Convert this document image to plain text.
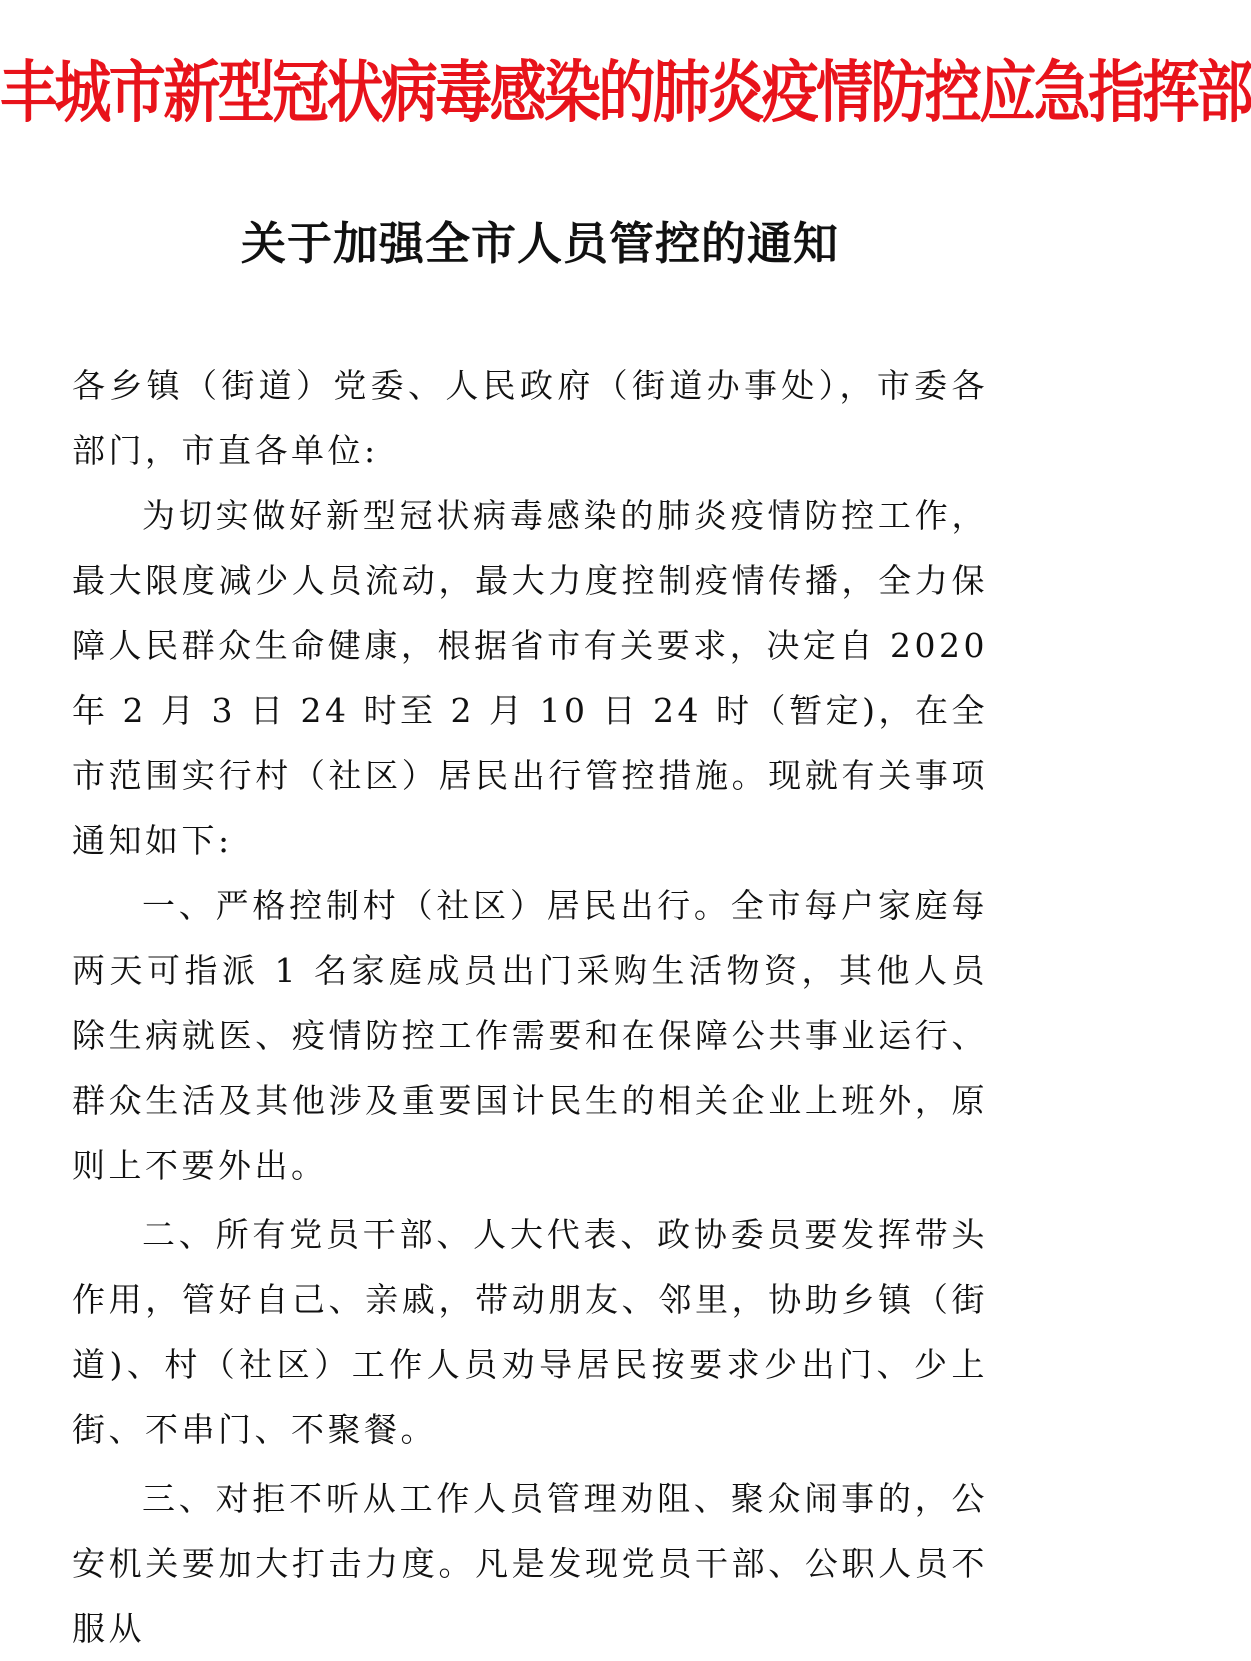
丰城市新型冠状病毒感染的肺炎疫情防控应急指挥部
关于加强全市人员管控的通知

各乡镇（街道）党委、人民政府（街道办事处），市委各部门，市直各单位:

为切实做好新型冠状病毒感染的肺炎疫情防控工作，最大限度减少人员流动，最大力度控制疫情传播，全力保障人民群众生命健康，根据省市有关要求，决定自 2020 年 2 月 3 日 24 时至 2 月 10 日 24 时（暂定)，在全市范围实行村（社区）居民出行管控措施。现就有关事项通知如下:

一、严格控制村（社区）居民出行。全市每户家庭每两天可指派 1 名家庭成员出门采购生活物资，其他人员除生病就医、疫情防控工作需要和在保障公共事业运行、群众生活及其他涉及重要国计民生的相关企业上班外，原则上不要外出。

二、所有党员干部、人大代表、政协委员要发挥带头作用，管好自己、亲戚，带动朋友、邻里，协助乡镇（街道)、村（社区）工作人员劝导居民按要求少出门、少上街、不串门、不聚餐。

三、对拒不听从工作人员管理劝阻、聚众闹事的，公安机关要加大打击力度。凡是发现党员干部、公职人员不服从
